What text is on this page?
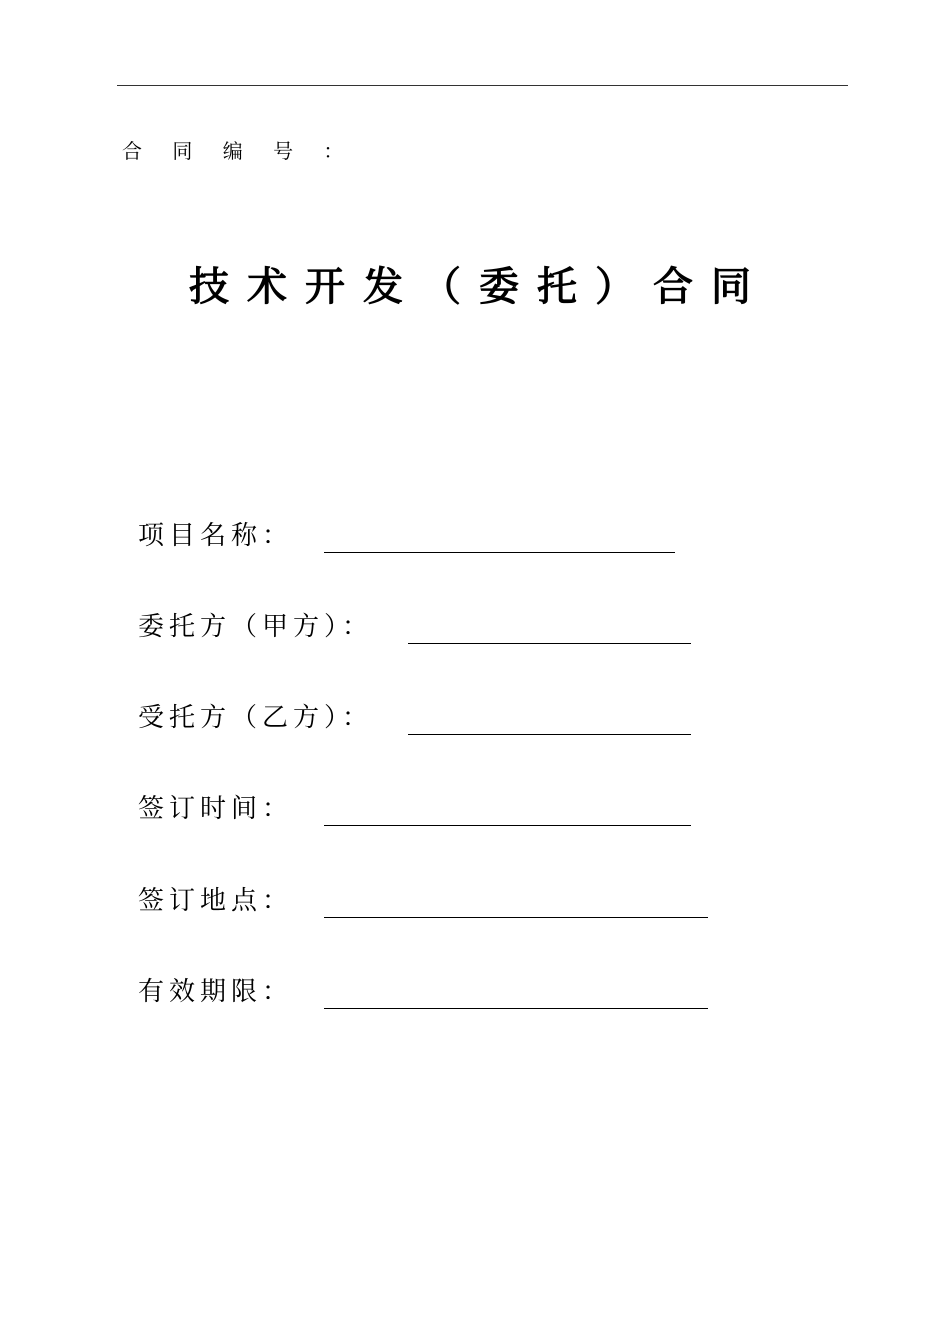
合 同 编 号 ：
技术开发（委托）合同
项目名称：
委托方（甲方）：
受托方（乙方）：
签订时间：
签订地点：
有效期限：
